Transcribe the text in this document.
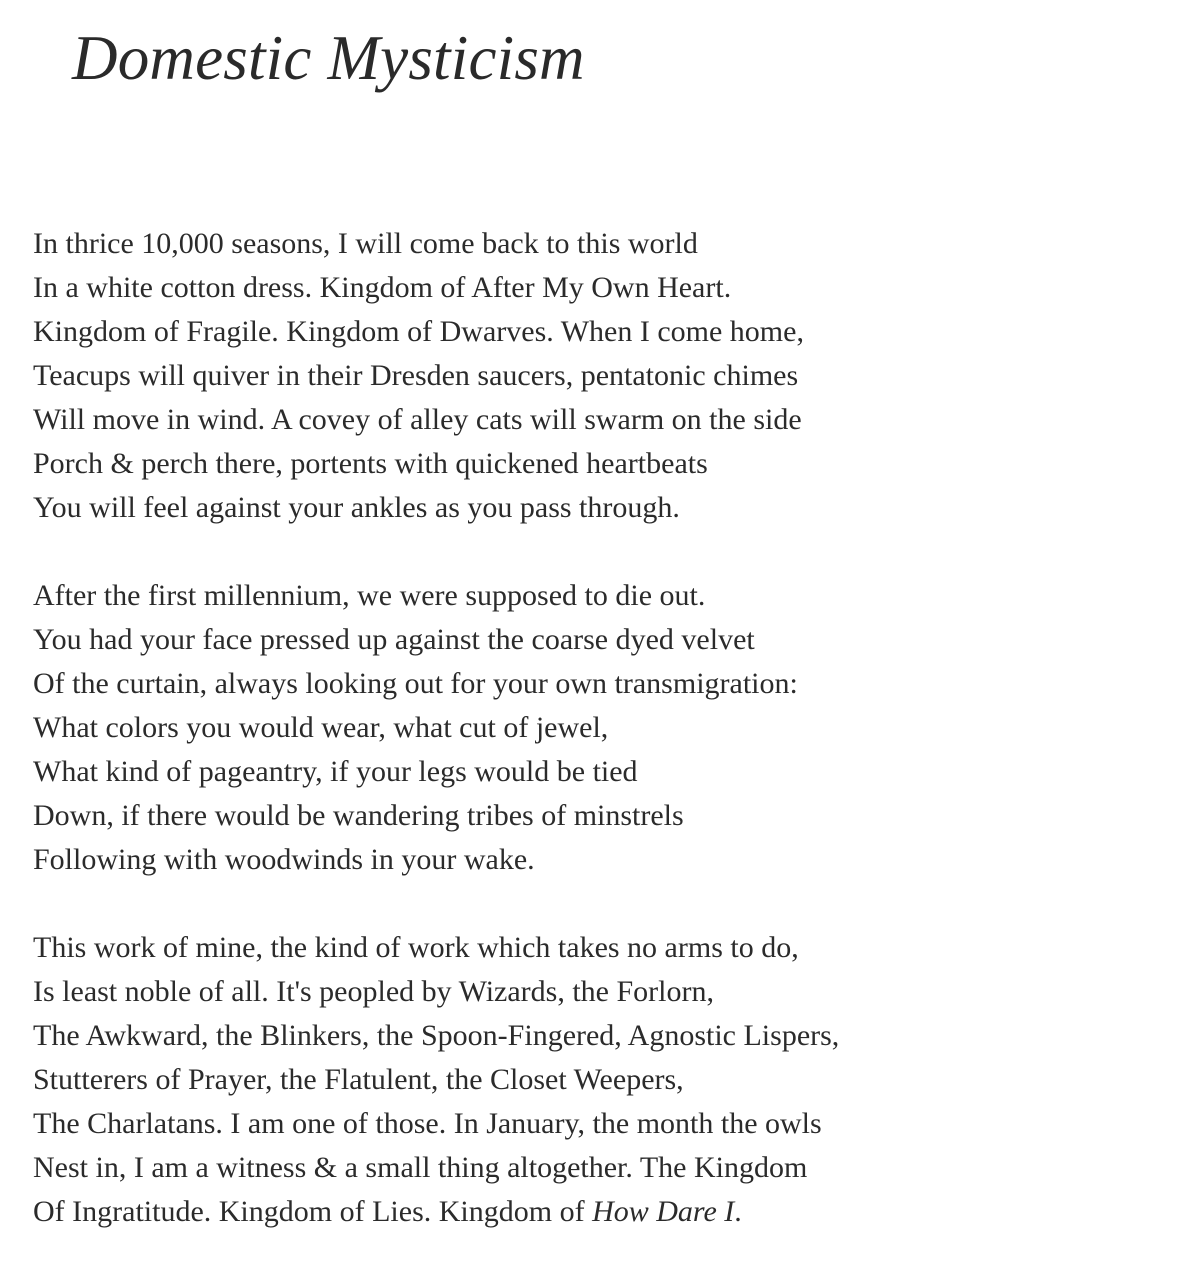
Domestic Mysticism
In thrice 10,000 seasons, I will come back to this world
In a white cotton dress. Kingdom of After My Own Heart.
Kingdom of Fragile. Kingdom of Dwarves. When I come home,
Teacups will quiver in their Dresden saucers, pentatonic chimes
Will move in wind. A covey of alley cats will swarm on the side
Porch & perch there, portents with quickened heartbeats
You will feel against your ankles as you pass through.
After the first millennium, we were supposed to die out.
You had your face pressed up against the coarse dyed velvet
Of the curtain, always looking out for your own transmigration:
What colors you would wear, what cut of jewel,
What kind of pageantry, if your legs would be tied
Down, if there would be wandering tribes of minstrels
Following with woodwinds in your wake.
This work of mine, the kind of work which takes no arms to do,
Is least noble of all. It's peopled by Wizards, the Forlorn,
The Awkward, the Blinkers, the Spoon-Fingered, Agnostic Lispers,
Stutterers of Prayer, the Flatulent, the Closet Weepers,
The Charlatans. I am one of those. In January, the month the owls
Nest in, I am a witness & a small thing altogether. The Kingdom
Of Ingratitude. Kingdom of Lies. Kingdom of How Dare I.
